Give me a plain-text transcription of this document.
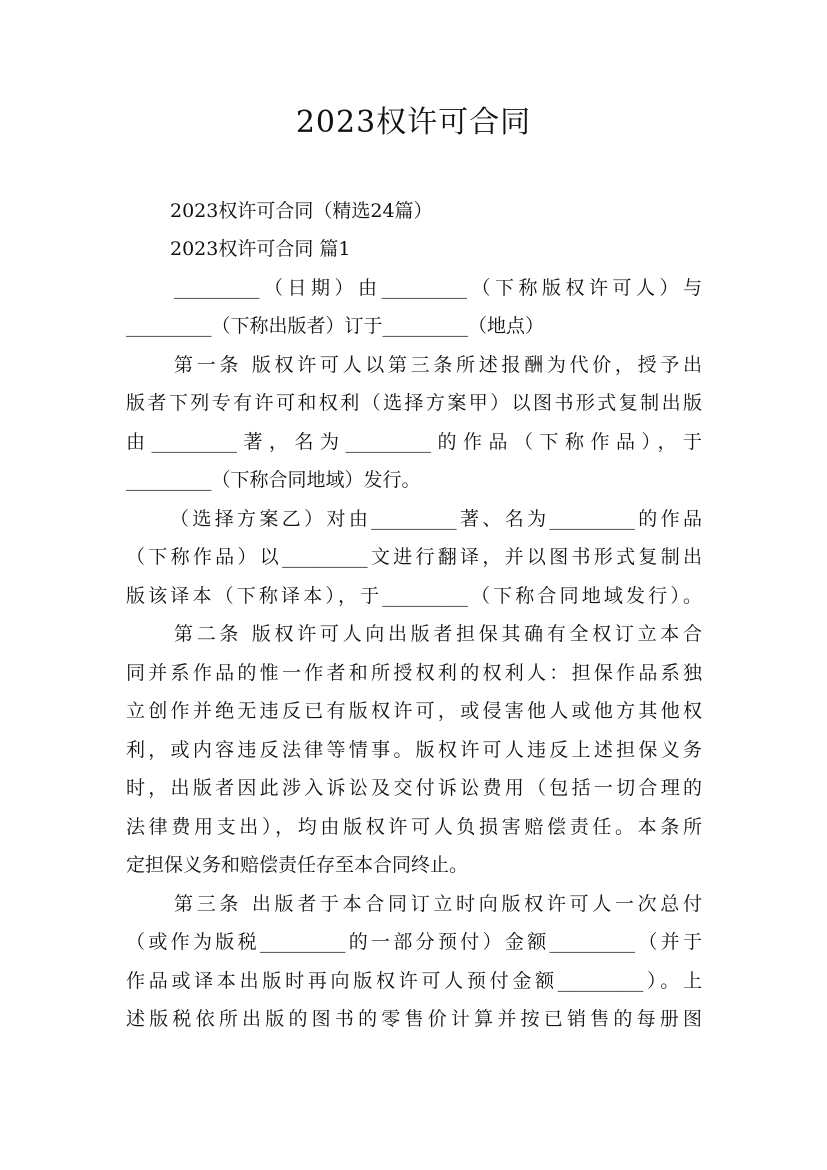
2023权许可合同
2023权许可合同（精选24篇）
2023权许可合同 篇1
_________（日期）由_________（下称版权许可人）与
_________（下称出版者）订于_________（地点）
第一条 版权许可人以第三条所述报酬为代价，授予出
版者下列专有许可和权利（选择方案甲）以图书形式复制出版
由_________著，名为_________的作品（下称作品），于
_________（下称合同地域）发行。
（选择方案乙）对由_________著、名为_________的作品
（下称作品）以_________文进行翻译，并以图书形式复制出
版该译本（下称译本），于_________（下称合同地域发行）。
第二条 版权许可人向出版者担保其确有全权订立本合
同并系作品的惟一作者和所授权利的权利人：担保作品系独
立创作并绝无违反已有版权许可，或侵害他人或他方其他权
利，或内容违反法律等情事。版权许可人违反上述担保义务
时，出版者因此涉入诉讼及交付诉讼费用（包括一切合理的
法律费用支出），均由版权许可人负损害赔偿责任。本条所
定担保义务和赔偿责任存至本合同终止。
第三条 出版者于本合同订立时向版权许可人一次总付
（或作为版税_________的一部分预付）金额_________（并于
作品或译本出版时再向版权许可人预付金额_________）。上
述版税依所出版的图书的零售价计算并按已销售的每册图
